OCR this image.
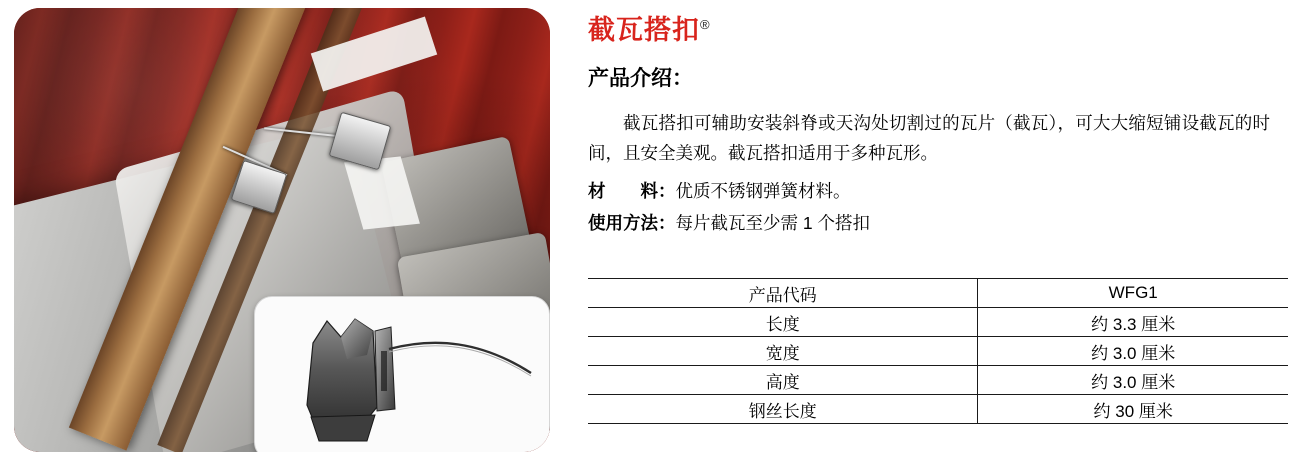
截瓦搭扣®
产品介绍：
截瓦搭扣可辅助安装斜脊或天沟处切割过的瓦片（截瓦），可大大缩短铺设截瓦的时间，且安全美观。截瓦搭扣适用于多种瓦形。
材　　料：优质不锈钢弹簧材料。
使用方法：每片截瓦至少需 1 个搭扣
产品代码	WFG1
长度	约 3.3 厘米
宽度	约 3.0 厘米
高度	约 3.0 厘米
钢丝长度	约 30 厘米
